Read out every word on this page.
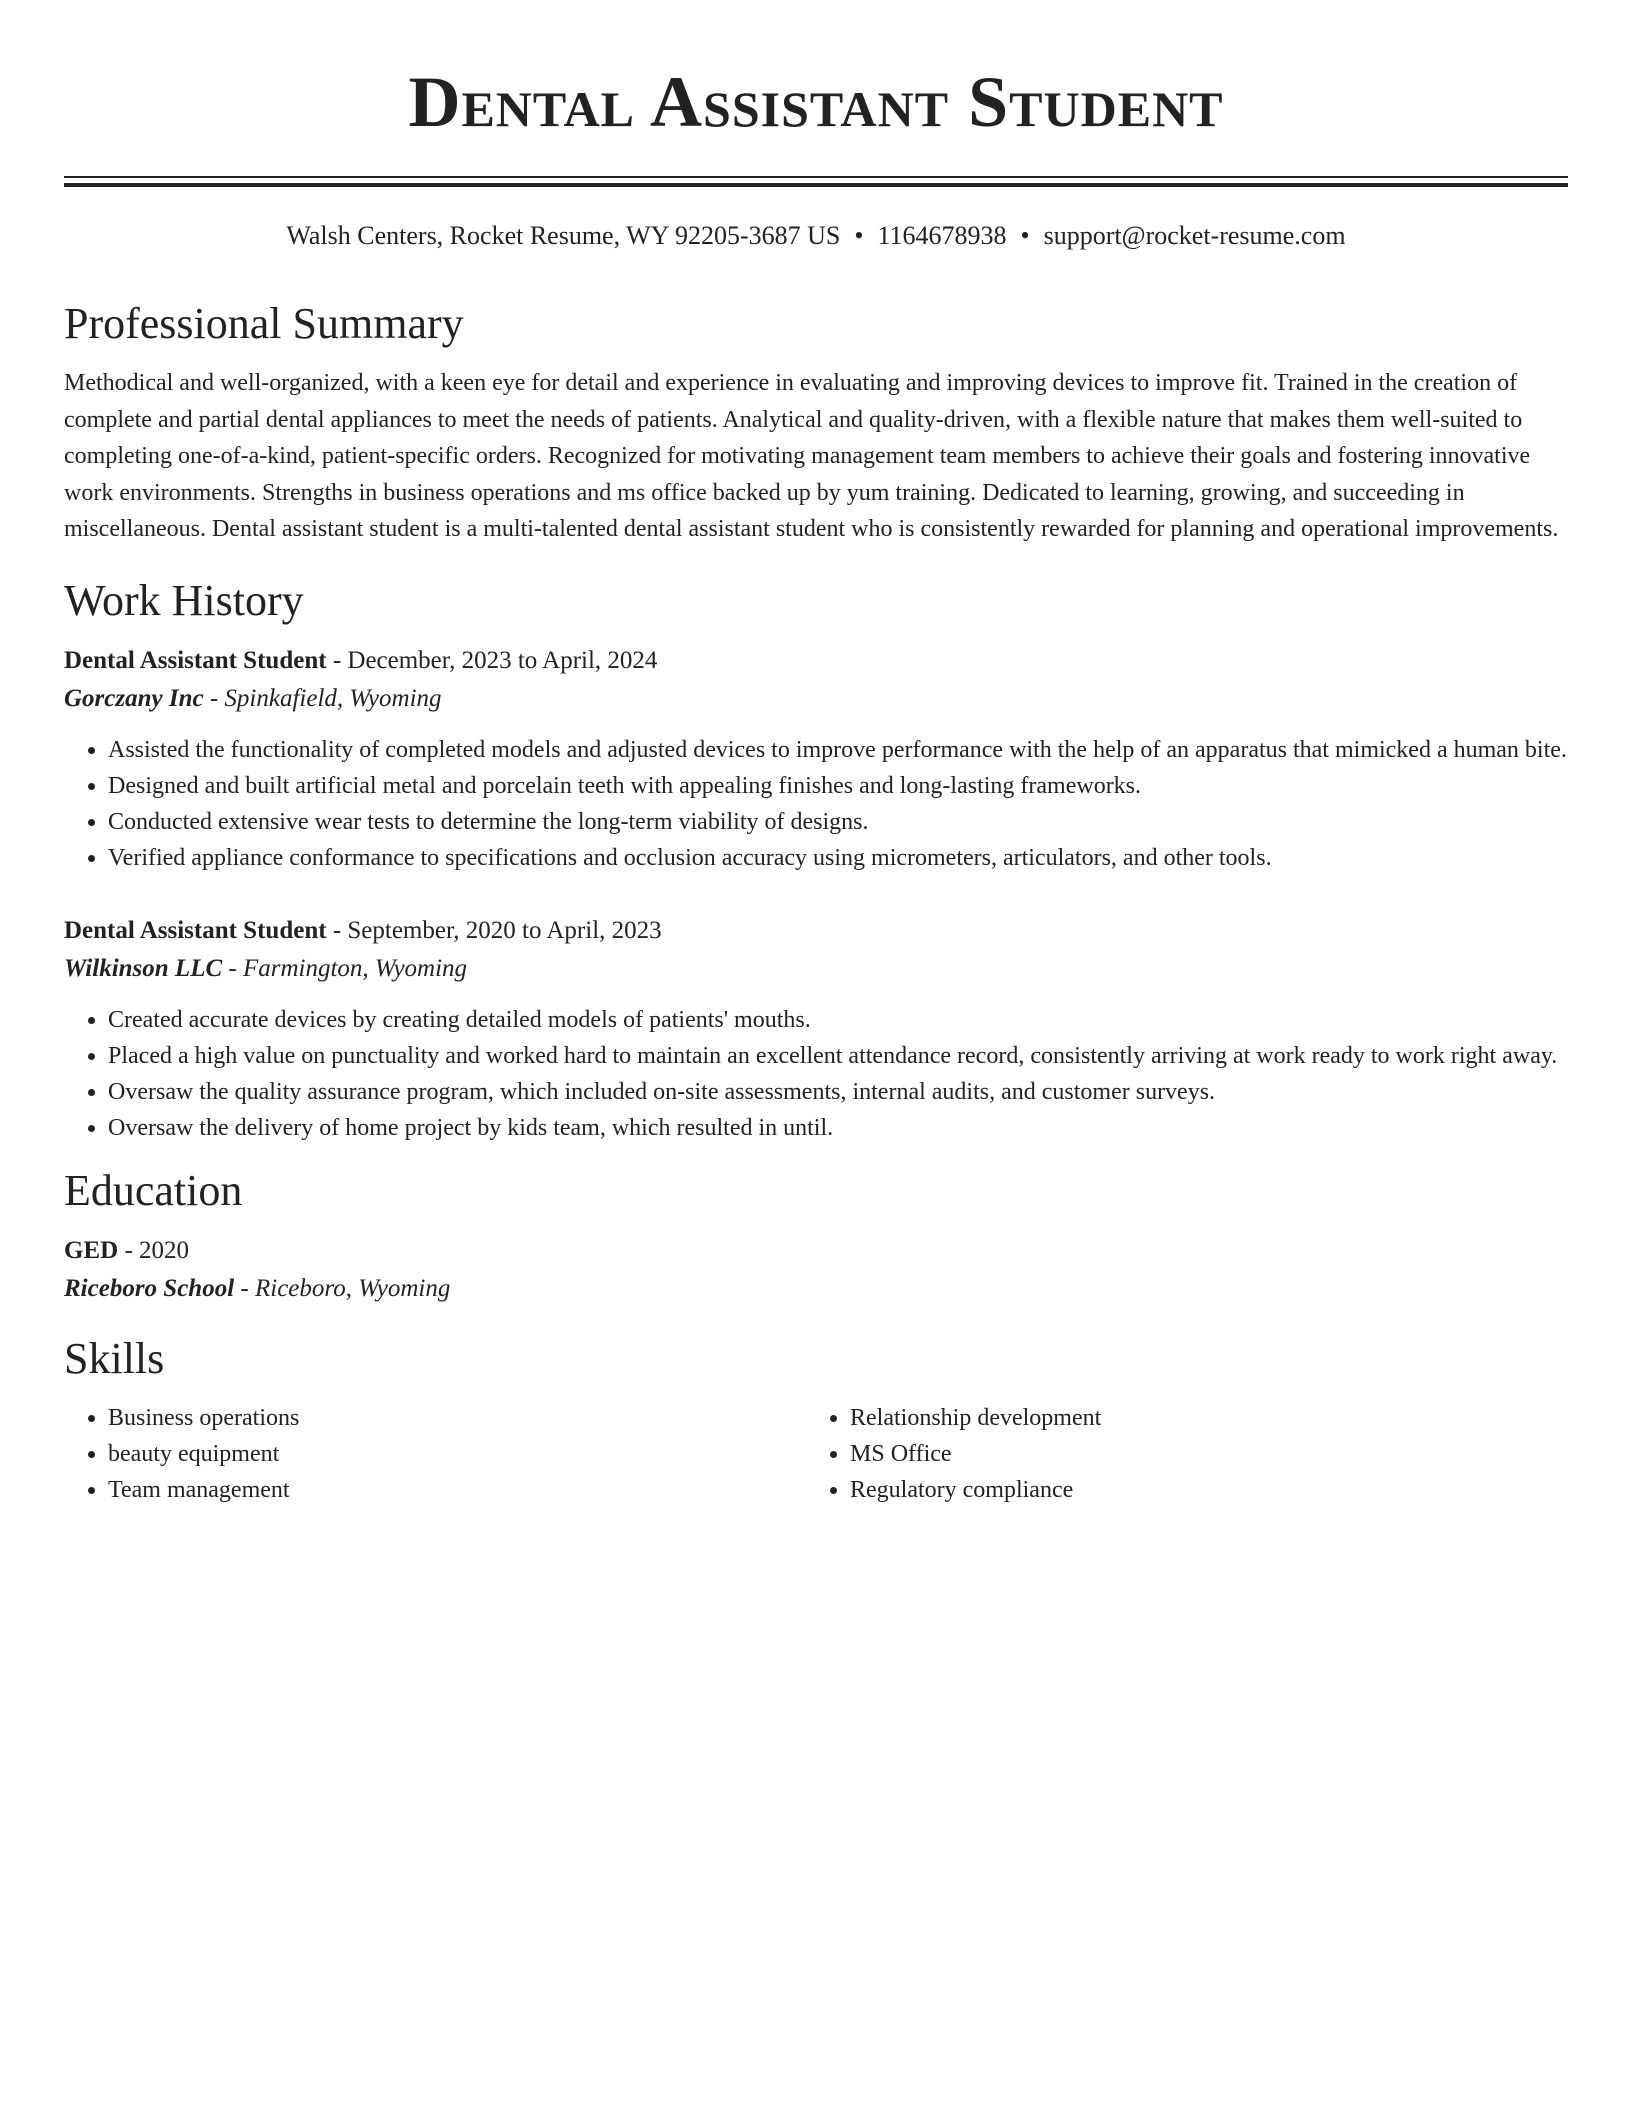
Dental Assistant Student
Walsh Centers, Rocket Resume, WY 92205-3687 US • 1164678938 • support@rocket-resume.com
Professional Summary

Methodical and well-organized, with a keen eye for detail and experience in evaluating and improving devices to improve fit. Trained in the creation of complete and partial dental appliances to meet the needs of patients. Analytical and quality-driven, with a flexible nature that makes them well-suited to completing one-of-a-kind, patient-specific orders. Recognized for motivating management team members to achieve their goals and fostering innovative work environments. Strengths in business operations and ms office backed up by yum training. Dedicated to learning, growing, and succeeding in miscellaneous. Dental assistant student is a multi-talented dental assistant student who is consistently rewarded for planning and operational improvements.

Work History
Dental Assistant Student - December, 2023 to April, 2024
Gorczany Inc - Spinkafield, Wyoming
• Assisted the functionality of completed models and adjusted devices to improve performance with the help of an apparatus that mimicked a human bite.
• Designed and built artificial metal and porcelain teeth with appealing finishes and long-lasting frameworks.
• Conducted extensive wear tests to determine the long-term viability of designs.
• Verified appliance conformance to specifications and occlusion accuracy using micrometers, articulators, and other tools.
Dental Assistant Student - September, 2020 to April, 2023
Wilkinson LLC - Farmington, Wyoming
• Created accurate devices by creating detailed models of patients' mouths.
• Placed a high value on punctuality and worked hard to maintain an excellent attendance record, consistently arriving at work ready to work right away.
• Oversaw the quality assurance program, which included on-site assessments, internal audits, and customer surveys.
• Oversaw the delivery of home project by kids team, which resulted in until.
Education
GED - 2020
Riceboro School - Riceboro, Wyoming
Skills
• Business operations
• beauty equipment
• Team management
• Relationship development
• MS Office
• Regulatory compliance
